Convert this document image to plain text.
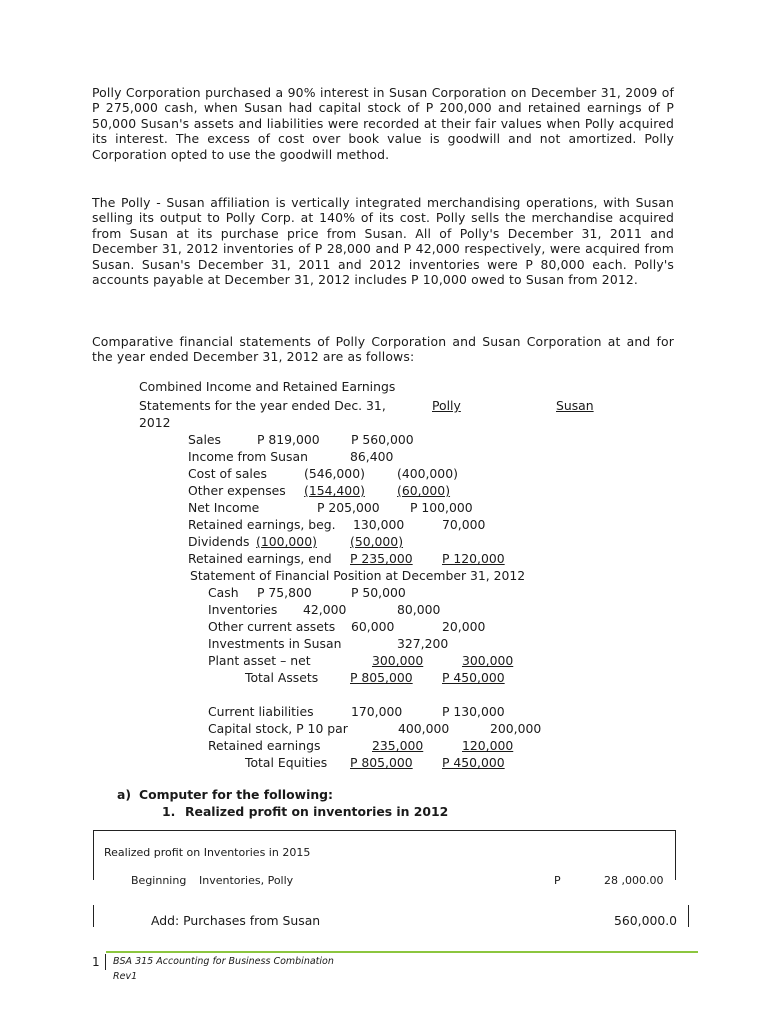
Polly Corporation purchased a 90% interest in Susan Corporation on December 31, 2009 of P 275,000 cash, when Susan had capital stock of P 200,000 and retained earnings of P 50,000 Susan's assets and liabilities were recorded at their fair values when Polly acquired its interest. The excess of cost over book value is goodwill and not amortized. Polly Corporation opted to use the goodwill method.
The Polly - Susan affiliation is vertically integrated merchandising operations, with Susan selling its output to Polly Corp. at 140% of its cost. Polly sells the merchandise acquired from Susan at its purchase price from Susan. All of Polly's December 31, 2011 and December 31, 2012 inventories of P 28,000 and P 42,000 respectively, were acquired from Susan. Susan's December 31, 2011 and 2012 inventories were P 80,000 each. Polly's accounts payable at December 31, 2012 includes P 10,000 owed to Susan from 2012.
Comparative financial statements of Polly Corporation and Susan Corporation at and for the year ended December 31, 2012 are as follows:
Combined Income and Retained Earnings
Statements for the year ended Dec. 31,	Polly	Susan
2012
Sales	P 819,000	P 560,000
Income from Susan	86,400
Cost of sales	(546,000)	(400,000)
Other expenses (154,400)	(60,000)
Net Income	P 205,000 P 100,000
Retained earnings, beg. 130,000	70,000
Dividends (100,000)	(50,000)
Retained earnings, end P 235,000 P 120,000
Statement of Financial Position at December 31, 2012
Cash P 75,800	P 50,000
Inventories 42,000	80,000
Other current assets 60,000	20,000
Investments in Susan	327,200
Plant asset – net	300,000	300,000
Total Assets	P 805,000 P 450,000
Current liabilities	170,000	P 130,000
Capital stock, P 10 par	400,000	200,000
Retained earnings	235,000	120,000
Total Equities P 805,000 P 450,000
a) Computer for the following:
1. Realized profit on inventories in 2012
Realized profit on Inventories in 2015
Beginning Inventories, Polly	P	28 ,000.00
Add: Purchases from Susan	560,000.0
1 BSA 315 Accounting for Business Combination
Rev1
